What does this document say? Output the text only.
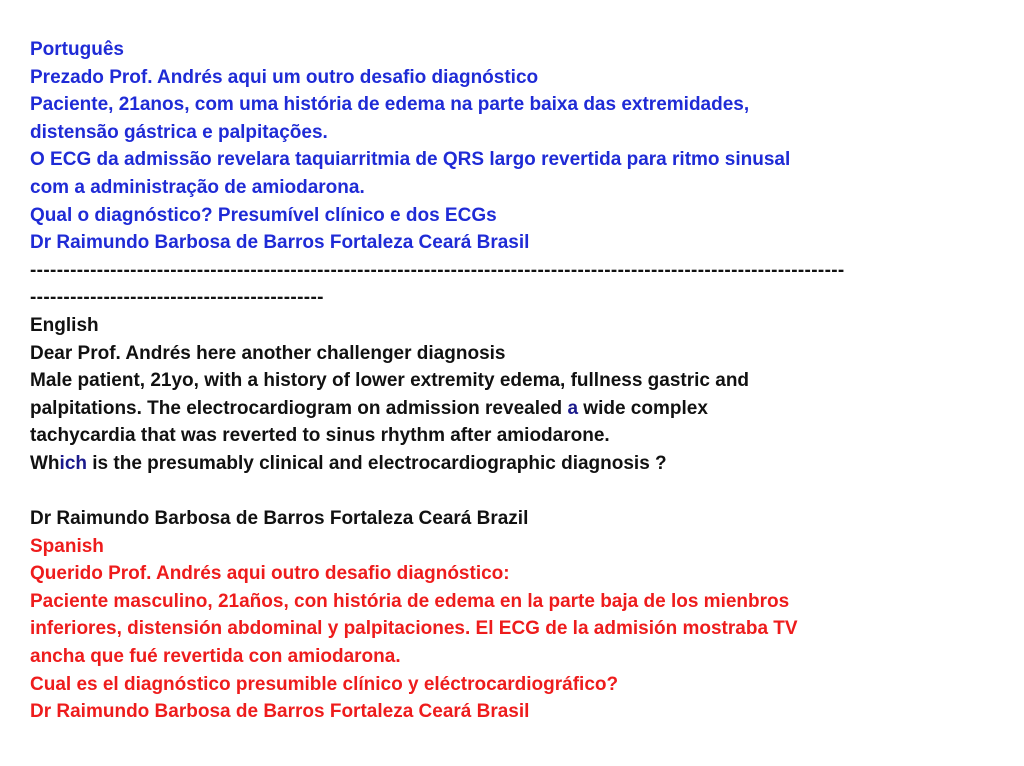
Português
Prezado Prof. Andrés aqui um outro desafio diagnóstico
Paciente, 21anos, com uma história de edema na parte baixa das extremidades,
distensão gástrica e palpitações.
O ECG da admissão revelara taquiarritmia de QRS largo revertida para ritmo sinusal
com a administração de amiodarona.
Qual o diagnóstico? Presumível clínico e dos ECGs
Dr Raimundo Barbosa de Barros Fortaleza Ceará Brasil
--------------------------------------------------------------------------------------------------------------------------
--------------------------------------------
English
Dear Prof. Andrés here another challenger diagnosis
Male patient, 21yo, with a history of lower extremity edema, fullness gastric and
palpitations. The electrocardiogram on admission revealed a wide complex
tachycardia that was reverted to sinus rhythm after amiodarone.
Which is the presumably clinical and electrocardiographic diagnosis ?
Dr Raimundo Barbosa de Barros Fortaleza Ceará Brazil
Spanish
Querido Prof. Andrés aqui outro desafio diagnóstico:
Paciente masculino, 21años, con história de edema en la parte baja de los mienbros
inferiores, distensión abdominal y palpitaciones. El ECG de la admisión mostraba TV
ancha que fué revertida con amiodarona.
Cual es el diagnóstico presumible clínico y eléctrocardiográfico?
Dr Raimundo Barbosa de Barros Fortaleza Ceará Brasil
